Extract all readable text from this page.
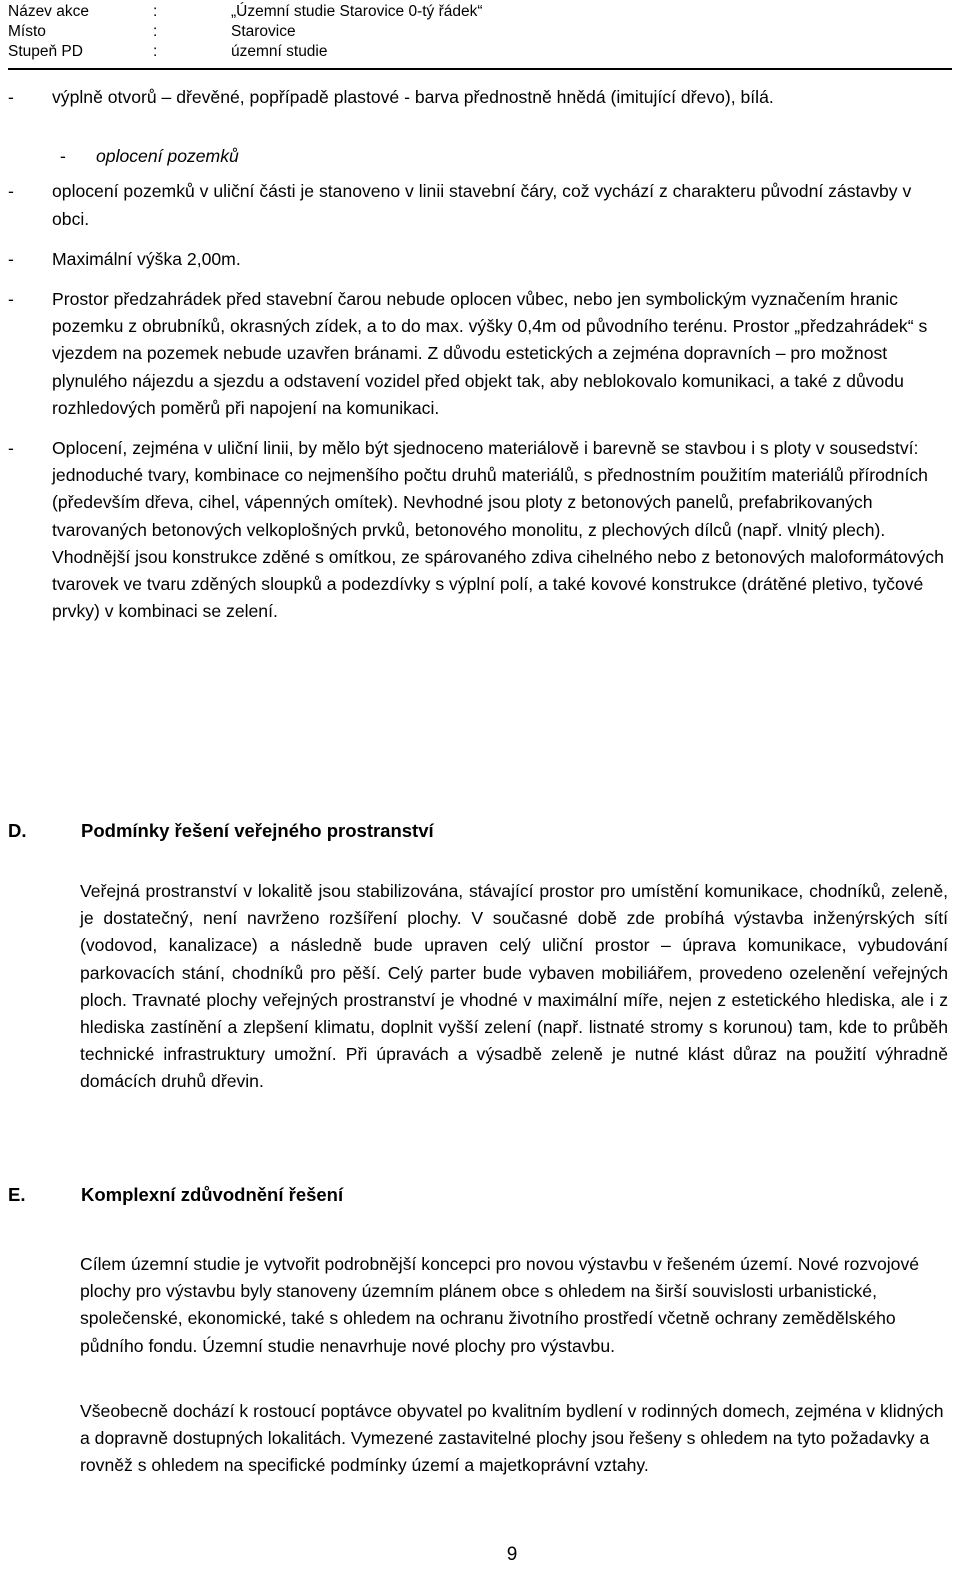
Název akce	:	„Územní studie Starovice 0-tý řádek“
Místo	:	Starovice
Stupeň PD	:	územní studie

- výplně otvorů – dřevěné, popřípadě plastové - barva přednostně hnědá (imitující dřevo), bílá.

- oplocení pozemků

- oplocení pozemků v uliční části je stanoveno v linii stavební čáry, což vychází z charakteru původní zástavby v obci.

- Maximální výška 2,00m.

- Prostor předzahrádek před stavební čarou nebude oplocen vůbec, nebo jen symbolickým vyznačením hranic pozemku z obrubníků, okrasných zídek, a to do max. výšky 0,4m od původního terénu. Prostor „předzahrádek“ s vjezdem na pozemek nebude uzavřen bránami. Z důvodu estetických a zejména dopravních – pro možnost plynulého nájezdu a sjezdu a odstavení vozidel před objekt tak, aby neblokovalo komunikaci, a také z důvodu rozhledových poměrů při napojení na komunikaci.

- Oplocení, zejména v uliční linii, by mělo být sjednoceno materiálově i barevně se stavbou i s ploty v sousedství: jednoduché tvary, kombinace co nejmenšího počtu druhů materiálů, s přednostním použitím materiálů přírodních (především dřeva, cihel, vápenných omítek). Nevhodné jsou ploty z betonových panelů, prefabrikovaných tvarovaných betonových velkoplošných prvků, betonového monolitu, z plechových dílců (např. vlnitý plech). Vhodnější jsou konstrukce zděné s omítkou, ze spárovaného zdiva cihelného nebo z betonových maloformátových tvarovek ve tvaru zděných sloupků a podezdívky s výplní polí, a také kovové konstrukce (drátěné pletivo, tyčové prvky) v kombinaci se zelení.

D.	Podmínky řešení veřejného prostranství

Veřejná prostranství v lokalitě jsou stabilizována, stávající prostor pro umístění komunikace, chodníků, zeleně, je dostatečný, není navrženo rozšíření plochy. V současné době zde probíhá výstavba inženýrských sítí (vodovod, kanalizace) a následně bude upraven celý uliční prostor – úprava komunikace, vybudování parkovacích stání, chodníků pro pěší. Celý parter bude vybaven mobiliářem, provedeno ozelenění veřejných ploch. Travnaté plochy veřejných prostranství je vhodné v maximální míře, nejen z estetického hlediska, ale i z hlediska zastínění a zlepšení klimatu, doplnit vyšší zelení (např. listnaté stromy s korunou) tam, kde to průběh technické infrastruktury umožní. Při úpravách a výsadbě zeleně je nutné klást důraz na použití výhradně domácích druhů dřevin.

E.	Komplexní zdůvodnění řešení

Cílem územní studie je vytvořit podrobnější koncepci pro novou výstavbu v řešeném území. Nové rozvojové plochy pro výstavbu byly stanoveny územním plánem obce s ohledem na širší souvislosti urbanistické, společenské, ekonomické, také s ohledem na ochranu životního prostředí včetně ochrany zemědělského půdního fondu. Územní studie nenavrhuje nové plochy pro výstavbu.

Všeobecně dochází k rostoucí poptávce obyvatel po kvalitním bydlení v rodinných domech, zejména v klidných a dopravně dostupných lokalitách. Vymezené zastavitelné plochy jsou řešeny s ohledem na tyto požadavky a rovněž s ohledem na specifické podmínky území a majetkoprávní vztahy.

9
